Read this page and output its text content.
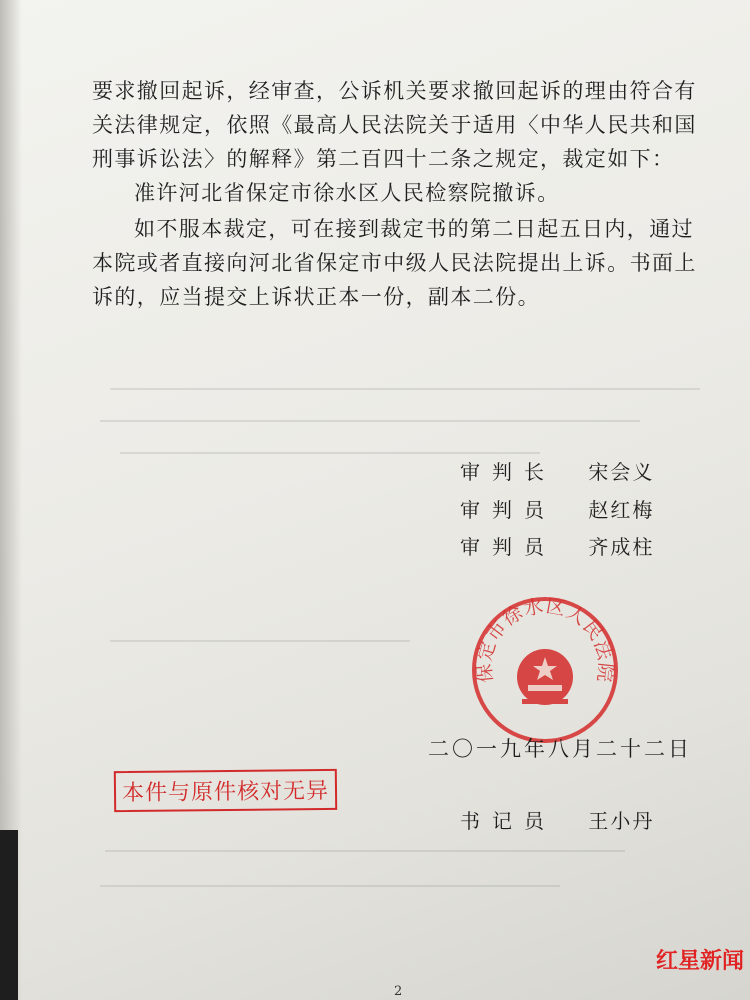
要求撤回起诉，经审查，公诉机关要求撤回起诉的理由符合有关法律规定，依照《最高人民法院关于适用〈中华人民共和国刑事诉讼法〉的解释》第二百四十二条之规定，裁定如下：

准许河北省保定市徐水区人民检察院撤诉。

如不服本裁定，可在接到裁定书的第二日起五日内，通过本院或者直接向河北省保定市中级人民法院提出上诉。书面上诉的，应当提交上诉状正本一份，副本二份。

审判长 宋会义
审判员 赵红梅
审判员 齐成柱
保定市徐水区人民法院
二〇一九年八月二十二日
本件与原件核对无异
书记员 王小丹
红星新闻
2
